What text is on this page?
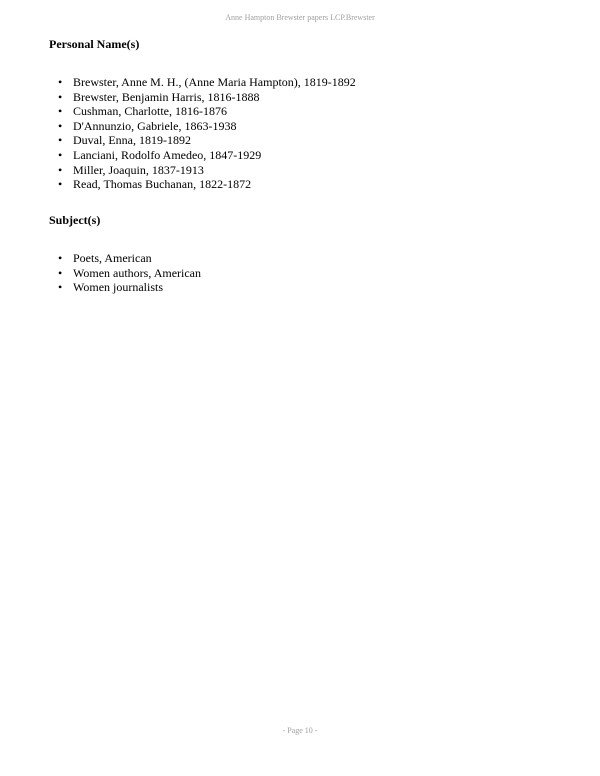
Anne Hampton Brewster papers LCP.Brewster
Personal Name(s)
• Brewster, Anne M. H., (Anne Maria Hampton), 1819-1892
• Brewster, Benjamin Harris, 1816-1888
• Cushman, Charlotte, 1816-1876
• D'Annunzio, Gabriele, 1863-1938
• Duval, Enna, 1819-1892
• Lanciani, Rodolfo Amedeo, 1847-1929
• Miller, Joaquin, 1837-1913
• Read, Thomas Buchanan, 1822-1872
Subject(s)
• Poets, American
• Women authors, American
• Women journalists
- Page 10 -
